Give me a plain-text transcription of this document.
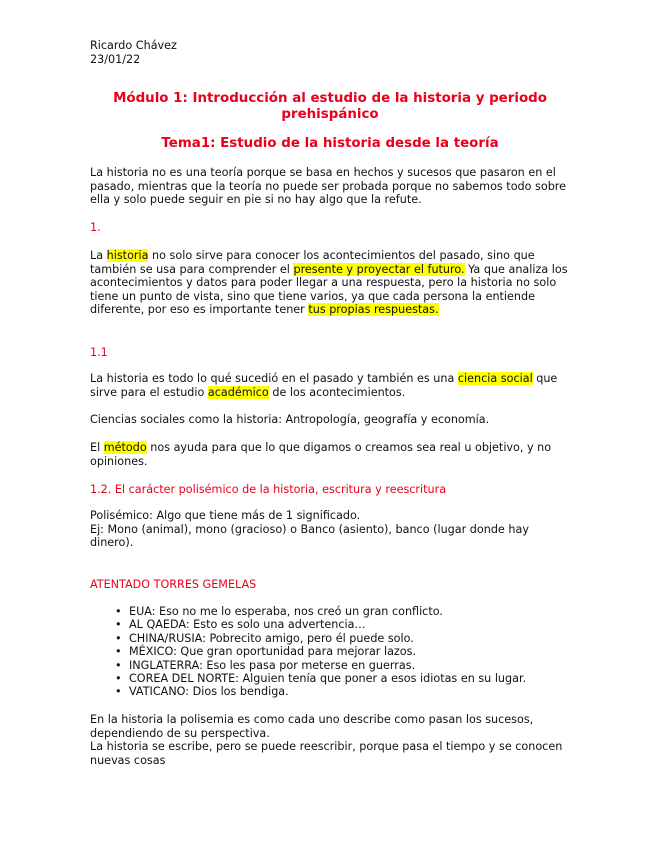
Ricardo Chávez
23/01/22
Módulo 1: Introducción al estudio de la historia y periodo prehispánico
Tema1: Estudio de la historia desde la teoría
La historia no es una teoría porque se basa en hechos y sucesos que pasaron en el pasado, mientras que la teoría no puede ser probada porque no sabemos todo sobre ella y solo puede seguir en pie si no hay algo que la refute.
1.
La historia no solo sirve para conocer los acontecimientos del pasado, sino que también se usa para comprender el presente y proyectar el futuro. Ya que analiza los acontecimientos y datos para poder llegar a una respuesta, pero la historia no solo tiene un punto de vista, sino que tiene varios, ya que cada persona la entiende diferente, por eso es importante tener tus propias respuestas.
1.1
La historia es todo lo qué sucedió en el pasado y también es una ciencia social que sirve para el estudio académico de los acontecimientos.
Ciencias sociales como la historia: Antropología, geografía y economía.
El método nos ayuda para que lo que digamos o creamos sea real u objetivo, y no opiniones.
1.2. El carácter polisémico de la historia, escritura y reescritura
Polisémico: Algo que tiene más de 1 significado.
Ej: Mono (animal), mono (gracioso) o Banco (asiento), banco (lugar donde hay dinero).
ATENTADO TORRES GEMELAS
• EUA: Eso no me lo esperaba, nos creó un gran conflicto.
• AL QAEDA: Esto es solo una advertencia…
• CHINA/RUSIA: Pobrecito amigo, pero él puede solo.
• MÉXICO: Que gran oportunidad para mejorar lazos.
• INGLATERRA: Eso les pasa por meterse en guerras.
• COREA DEL NORTE: Alguien tenía que poner a esos idiotas en su lugar.
• VATICANO: Dios los bendiga.
En la historia la polisemia es como cada uno describe como pasan los sucesos, dependiendo de su perspectiva.
La historia se escribe, pero se puede reescribir, porque pasa el tiempo y se conocen nuevas cosas
